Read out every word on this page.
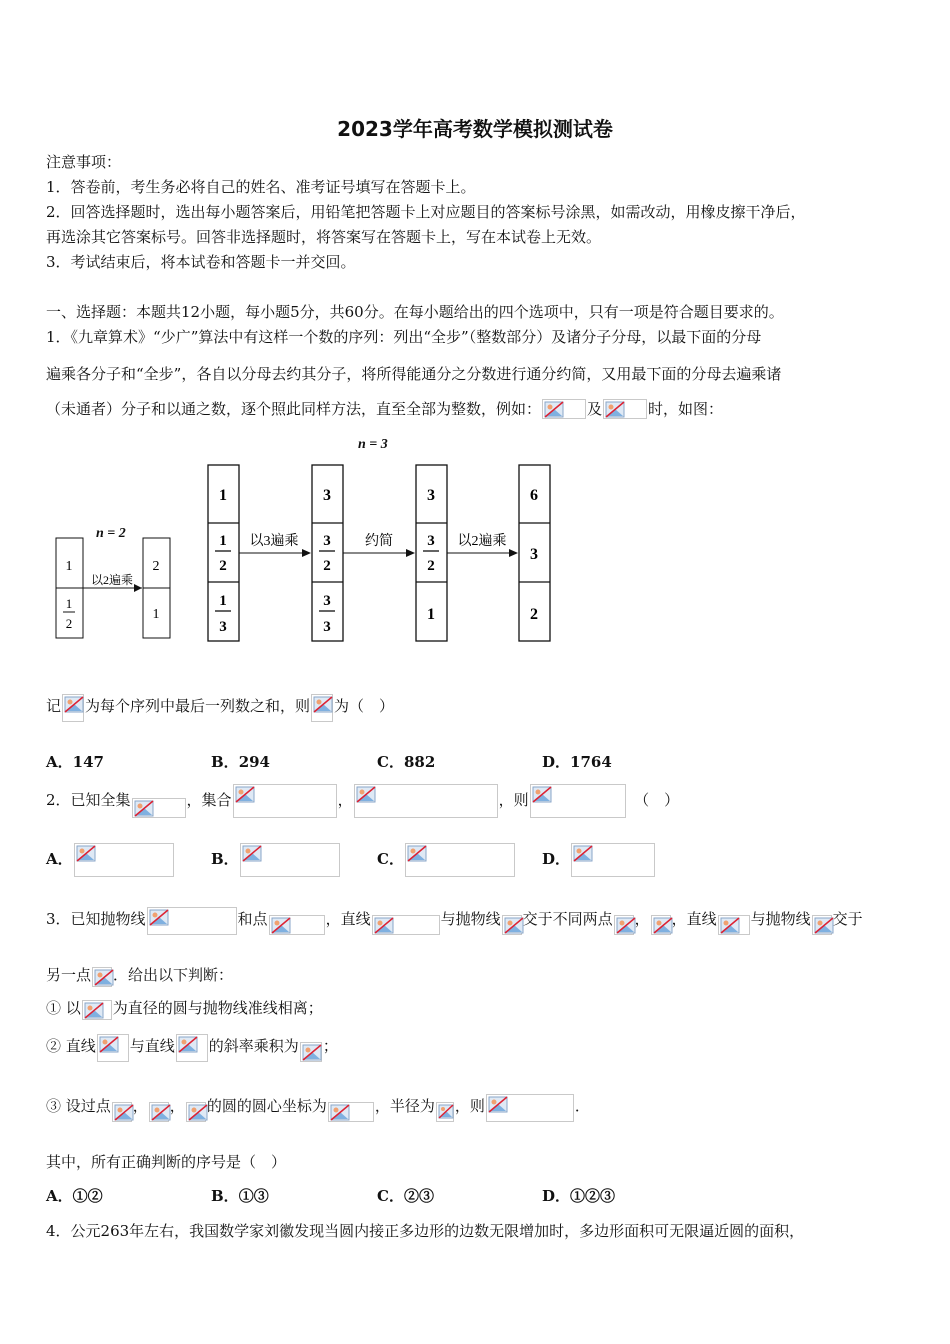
2023学年高考数学模拟测试卷
注意事项：
1．答卷前，考生务必将自己的姓名、准考证号填写在答题卡上。
2．回答选择题时，选出每小题答案后，用铅笔把答题卡上对应题目的答案标号涂黑，如需改动，用橡皮擦干净后，
再选涂其它答案标号。回答非选择题时，将答案写在答题卡上，写在本试卷上无效。
3．考试结束后，将本试卷和答题卡一并交回。
一、选择题：本题共12小题，每小题5分，共60分。在每小题给出的四个选项中，只有一项是符合题目要求的。
1．《九章算术》“少广”算法中有这样一个数的序列：列出“全步”（整数部分）及诸分子分母，以最下面的分母
遍乘各分子和“全步”，各自以分母去约其分子，将所得能通分之分数进行通分约简，又用最下面的分母去遍乘诸
（未通者）分子和以通之数，逐个照此同样方法，直至全部为整数，例如：	及	时，如图：
n = 3
n = 2
1
1
2
以2遍乘
2
1
1
1
2
1
3
以3遍乘
3
3
2
3
3
约简
3
3
2
1
以2遍乘
6
3
2
记 为每个序列中最后一列数之和，则 为（　）
A．147	B．294	C．882	D．1764
2．已知全集	，集合	，	，则
　	（　）
A．	B．	C．	D．
3．已知抛物线	和点	，直线	与抛物线 交于不同两点 ， ，直线 与抛物线 交于
另一点 ．给出以下判断：
① 以 为直径的圆与抛物线准线相离；
② 直线 与直线 的斜率乘积为 ；
③ 设过点 ， ， 的圆的圆心坐标为	，半径为 ，则	．
其中，所有正确判断的序号是（　）
A．①②	B．①③	C．②③	D．①②③
4．公元263年左右，我国数学家刘徽发现当圆内接正多边形的边数无限增加时，多边形面积可无限逼近圆的面积，
